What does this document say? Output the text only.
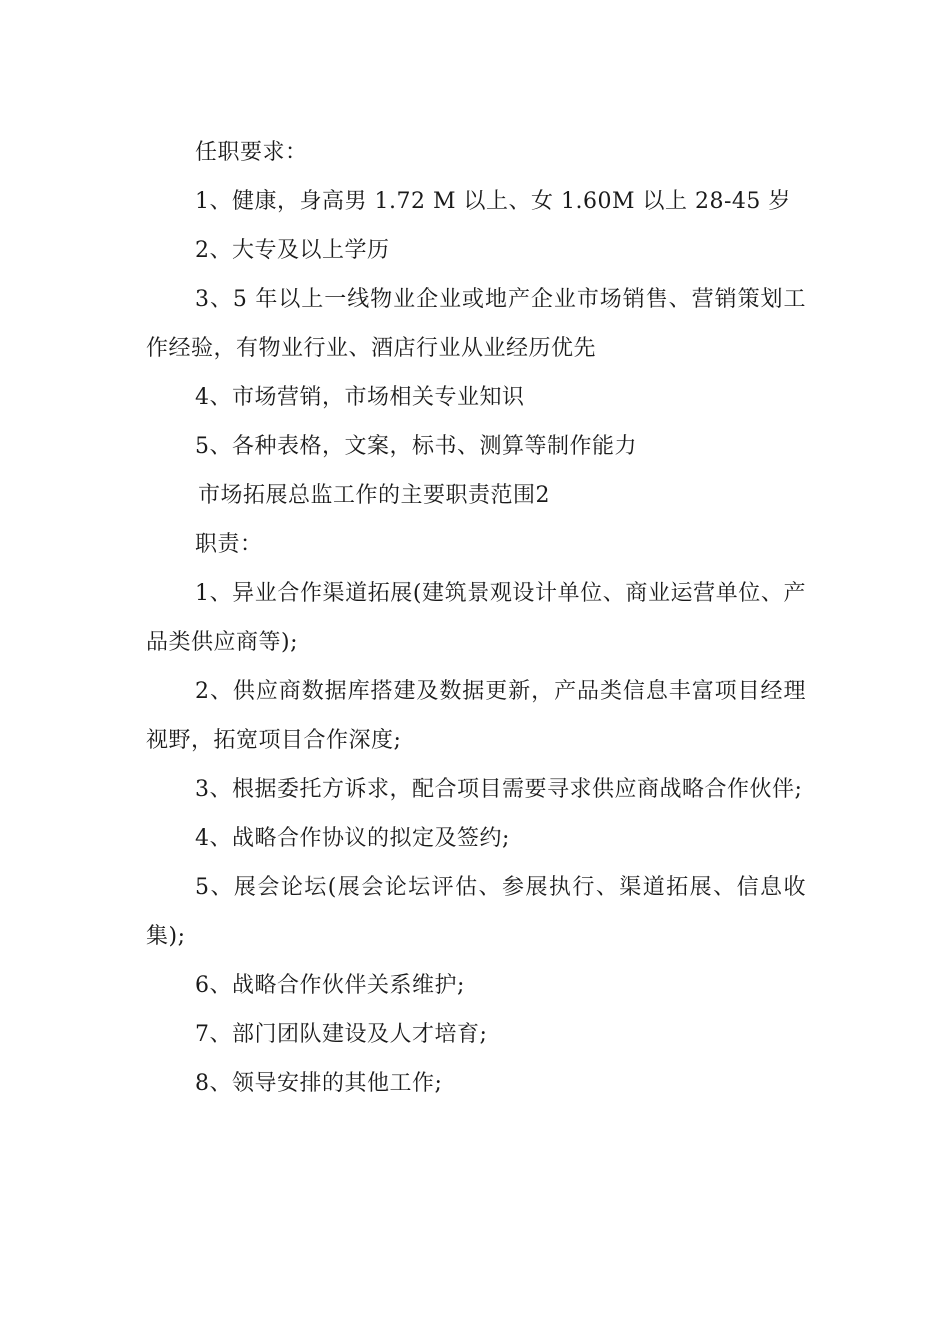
任职要求：

1、健康，身高男 1.72 M 以上、女 1.60M 以上 28-45 岁

2、大专及以上学历

3、5 年以上一线物业企业或地产企业市场销售、营销策划工作经验，有物业行业、酒店行业从业经历优先

4、市场营销，市场相关专业知识

5、各种表格，文案，标书、测算等制作能力

市场拓展总监工作的主要职责范围2

职责：

1、异业合作渠道拓展(建筑景观设计单位、商业运营单位、产品类供应商等);

2、供应商数据库搭建及数据更新，产品类信息丰富项目经理视野，拓宽项目合作深度;

3、根据委托方诉求，配合项目需要寻求供应商战略合作伙伴;

4、战略合作协议的拟定及签约;

5、展会论坛(展会论坛评估、参展执行、渠道拓展、信息收集);

6、战略合作伙伴关系维护;

7、部门团队建设及人才培育;

8、领导安排的其他工作;
